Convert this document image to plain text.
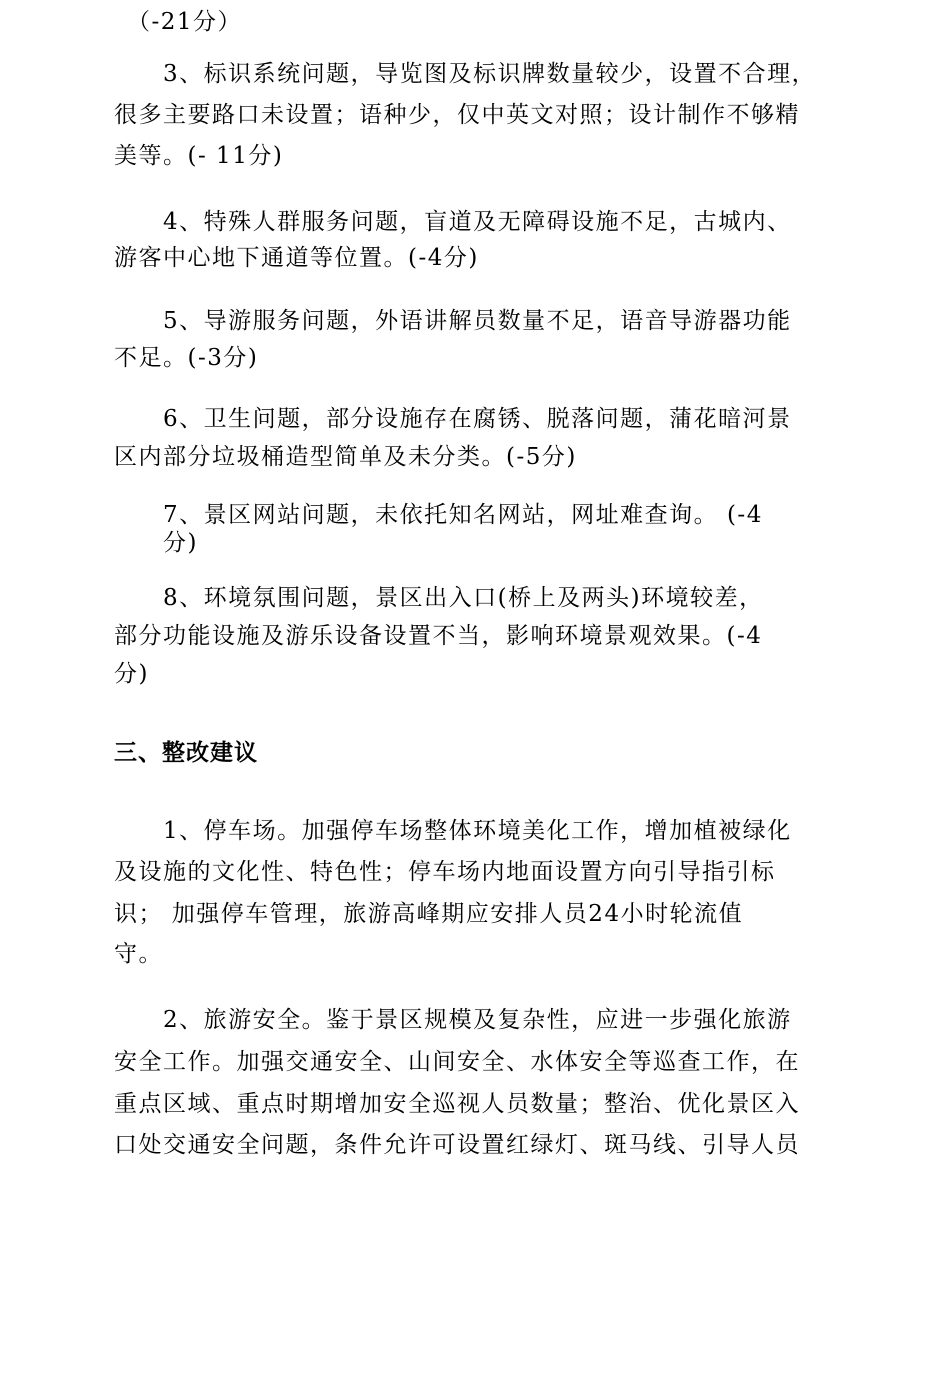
（-21分）
3、标识系统问题，导览图及标识牌数量较少，设置不合理，
很多主要路口未设置；语种少，仅中英文对照；设计制作不够精
美等。(- 11分)
4、特殊人群服务问题，盲道及无障碍设施不足，古城内、
游客中心地下通道等位置。(-4分)
5、导游服务问题，外语讲解员数量不足，语音导游器功能
不足。(-3分)
6、卫生问题，部分设施存在腐锈、脱落问题，蒲花暗河景
区内部分垃圾桶造型简单及未分类。(-5分)
7、景区网站问题，未依托知名网站，网址难查询。 (-4
分)
8、环境氛围问题，景区出入口(桥上及两头)环境较差，
部分功能设施及游乐设备设置不当，影响环境景观效果。(-4
分)
三、整改建议
1、停车场。加强停车场整体环境美化工作，增加植被绿化
及设施的文化性、特色性；停车场内地面设置方向引导指引标
识； 加强停车管理，旅游高峰期应安排人员24小时轮流值
守。
2、旅游安全。鉴于景区规模及复杂性，应进一步强化旅游
安全工作。加强交通安全、山间安全、水体安全等巡查工作，在
重点区域、重点时期增加安全巡视人员数量；整治、优化景区入
口处交通安全问题，条件允许可设置红绿灯、斑马线、引导人员
